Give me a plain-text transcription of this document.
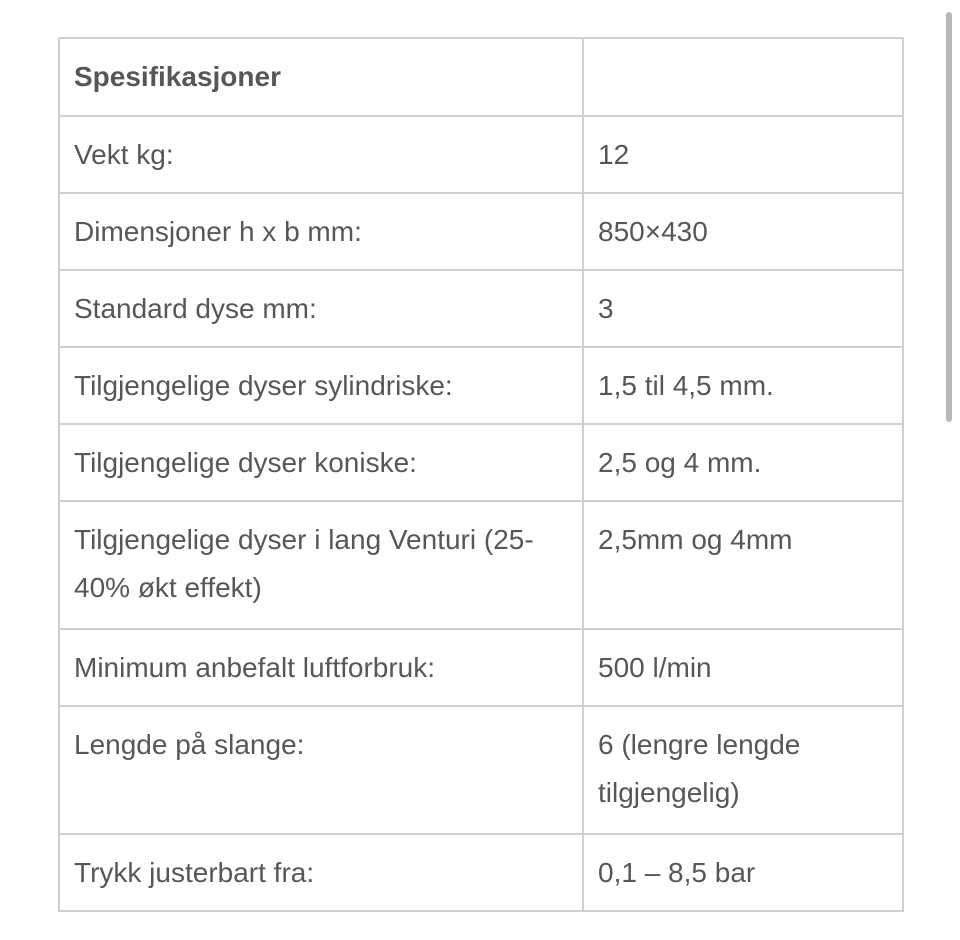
Spesifikasjoner	
Vekt kg:	12
Dimensjoner h x b mm:	850×430
Standard dyse mm:	3
Tilgjengelige dyser sylindriske:	1,5 til 4,5 mm.
Tilgjengelige dyser koniske:	2,5 og 4 mm.
Tilgjengelige dyser i lang Venturi (25-40% økt effekt)	2,5mm og 4mm
Minimum anbefalt luftforbruk:	500 l/min
Lengde på slange:	6 (lengre lengde tilgjengelig)
Trykk justerbart fra:	0,1 – 8,5 bar
